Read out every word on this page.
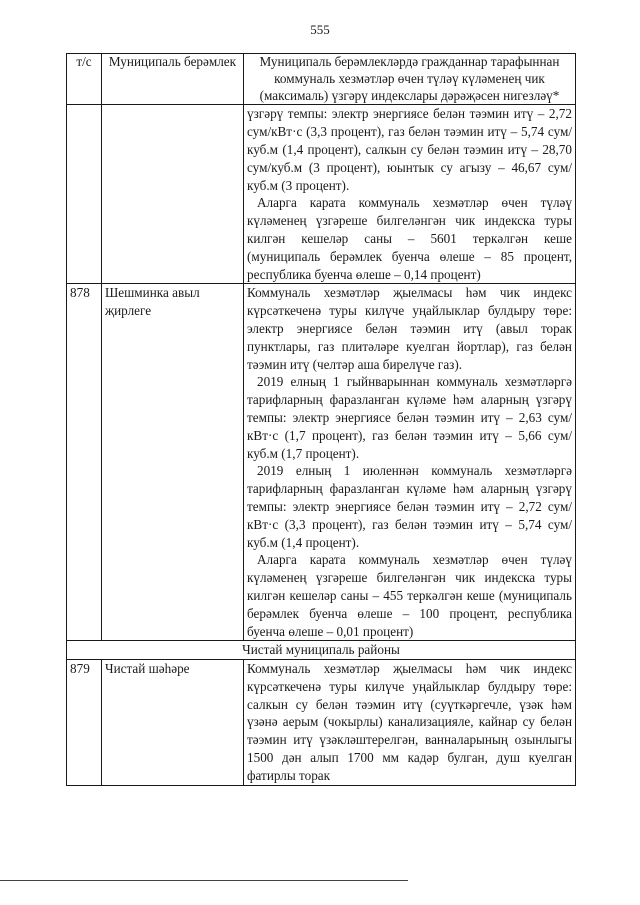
555
т/с	Муниципаль берәмлек	Муниципаль берәмлекләрдә гражданнар тарафыннан коммуналь хезмәтләр өчен түләү күләменең чик (максималь) үзгәрү индекслары дәрәҗәсен нигезләү*

		үзгәрү темпы: электр энергиясе белән тәэмин итү – 2,72 сум/кВт·с (3,3 процент), газ белән тәэмин итү – 5,74 сум/куб.м (1,4 процент), салкын су белән тәэмин итү – 28,70 сум/куб.м (3 процент), юынтык су агызу – 46,67 сум/куб.м (3 процент).

Аларга карата коммуналь хезмәтләр өчен түләү күләменең үзгәреше билгеләнгән чик индекска туры килгән кешеләр саны – 5601 теркәлгән кеше (муниципаль берәмлек буенча өлеше – 85 процент, республика буенча өлеше – 0,14 процент)

878	Шешминка авыл җирлеге	Коммуналь хезмәтләр җыелмасы һәм чик индекс күрсәткеченә туры килүче уңайлыклар булдыру төре: электр энергиясе белән тәэмин итү (авыл торак пунктлары, газ плитәләре куелган йортлар), газ белән тәэмин итү (челтәр аша бирелүче газ).

2019 елның 1 гыйнварыннан коммуналь хезмәтләргә тарифларның фаразланган күләме һәм аларның үзгәрү темпы: электр энергиясе белән тәэмин итү – 2,63 сум/кВт·с (1,7 процент), газ белән тәэмин итү – 5,66 сум/куб.м (1,7 процент).

2019 елның 1 июленнән коммуналь хезмәтләргә тарифларның фаразланган күләме һәм аларның үзгәрү темпы: электр энергиясе белән тәэмин итү – 2,72 сум/кВт·с (3,3 процент), газ белән тәэмин итү – 5,74 сум/куб.м (1,4 процент).

Аларга карата коммуналь хезмәтләр өчен түләү күләменең үзгәреше билгеләнгән чик индекска туры килгән кешеләр саны – 455 теркәлгән кеше (муниципаль берәмлек буенча өлеше – 100 процент, республика буенча өлеше – 0,01 процент)

Чистай муниципаль районы		
879	Чистай шәһәре	Коммуналь хезмәтләр җыелмасы һәм чик индекс күрсәткеченә туры килүче уңайлыклар булдыру төре: салкын су белән тәэмин итү (суүткәргечле, үзәк һәм үзәнә аерым (чокырлы) канализацияле, кайнар су белән тәэмин итү үзәкләштерелгән, ванналарының озынлыгы 1500 дән алып 1700 мм кадәр булган, душ куелган фатирлы торак
